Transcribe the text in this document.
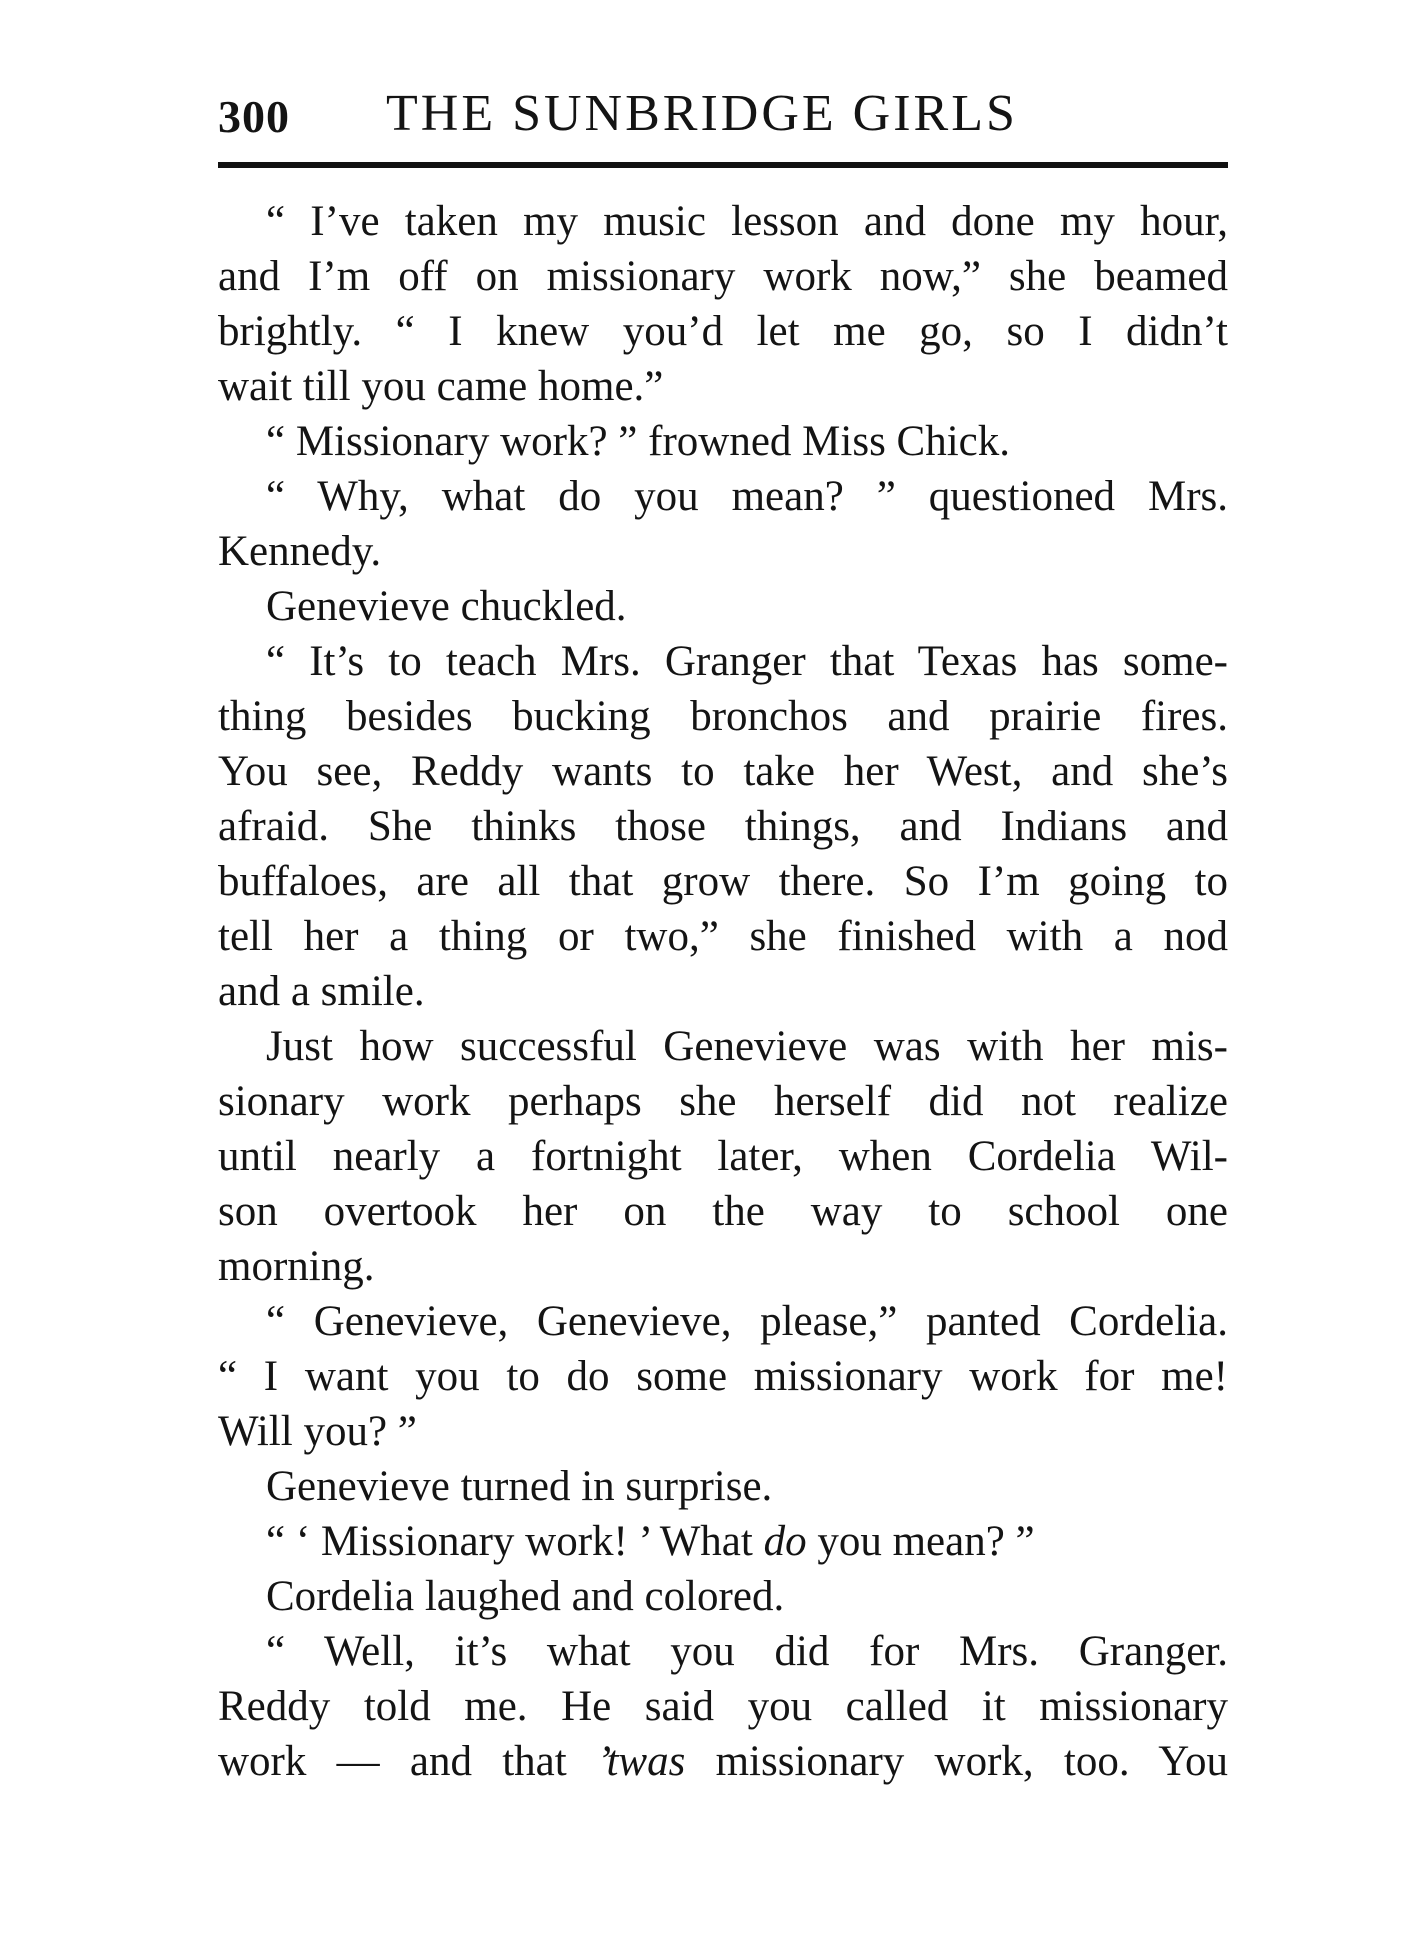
300 THE SUNBRIDGE GIRLS
“ I’ve taken my music lesson and done my hour,
and I’m off on missionary work now,” she beamed
brightly. “ I knew you’d let me go, so I didn’t
wait till you came home.”
“ Missionary work? ” frowned Miss Chick.
“ Why, what do you mean? ” questioned Mrs.
Kennedy.
Genevieve chuckled.
“ It’s to teach Mrs. Granger that Texas has some-
thing besides bucking bronchos and prairie fires.
You see, Reddy wants to take her West, and she’s
afraid. She thinks those things, and Indians and
buffaloes, are all that grow there. So I’m going to
tell her a thing or two,” she finished with a nod
and a smile.
Just how successful Genevieve was with her mis-
sionary work perhaps she herself did not realize
until nearly a fortnight later, when Cordelia Wil-
son overtook her on the way to school one
morning.
“ Genevieve, Genevieve, please,” panted Cordelia.
“ I want you to do some missionary work for me!
Will you? ”
Genevieve turned in surprise.
“ ‘ Missionary work! ’ What do you mean? ”
Cordelia laughed and colored.
“ Well, it’s what you did for Mrs. Granger.
Reddy told me. He said you called it missionary
work — and that ’twas missionary work, too. You
